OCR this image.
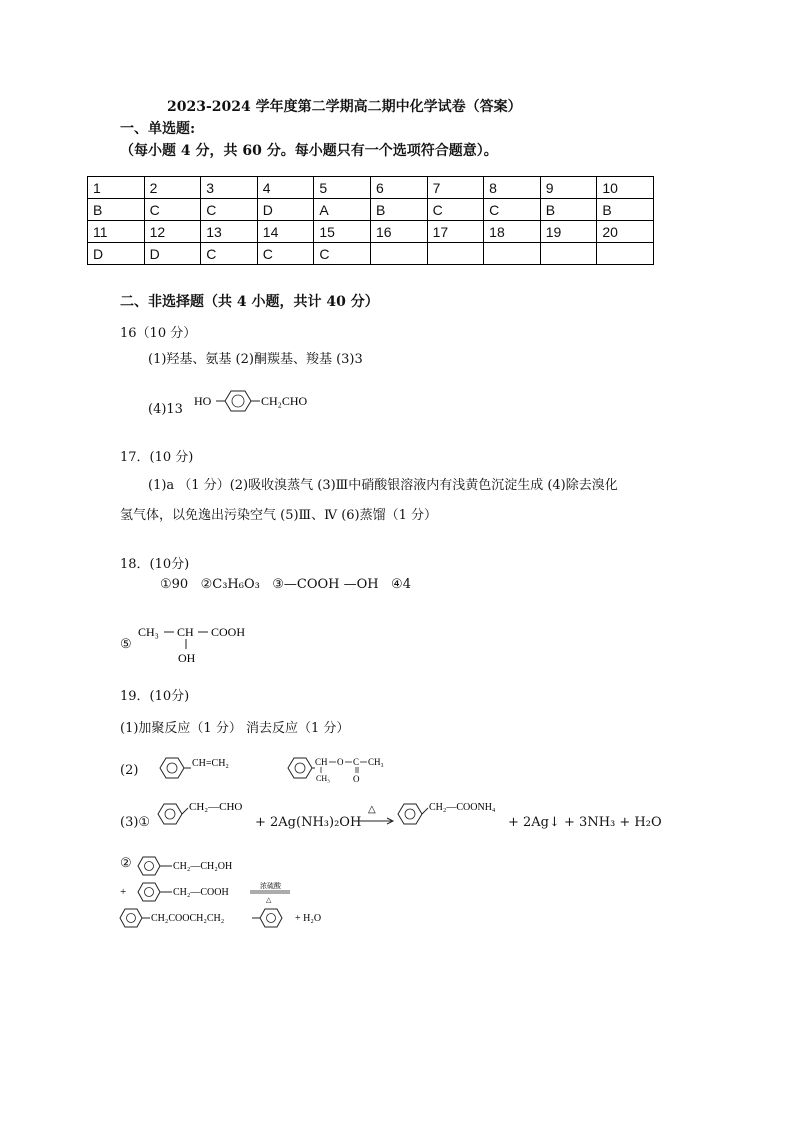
2023-2024 学年度第二学期高二期中化学试卷（答案）
一、单选题:
（每小题 4 分，共 60 分。每小题只有一个选项符合题意）。
1	2	3	4	5	6	7	8	9	10
B	C	C	D	A	B	C	C	B	B
11	12	13	14	15	16	17	18	19	20
D	D	C	C	C					
二、非选择题（共 4 小题，共计 40 分）
16（10 分）
(1)羟基、氨基 (2)酮羰基、羧基 (3)3
(4)13
HO	CH₂CHO
17．(10 分)
(1)a （1 分）(2)吸收溴蒸气 (3)Ⅲ中硝酸银溶液内有浅黄色沉淀生成 (4)除去溴化
氢气体，以免逸出污染空气 (5)Ⅲ、Ⅳ (6)蒸馏（1 分）
18．(10分)
①90 ②C₃H₆O₃ ③—COOH —OH ④4
⑤
CH₃ CH COOH
OH
19．(10分)
(1)加聚反应（1 分） 消去反应（1 分）
(2)	CH=CH₂	CH O C CH₃
CH₃	O
(3)①
CH₂—CHO
+ 2Ag(NH₃)₂OH
△	CH₂—COONH₄
+ 2Ag↓ + 3NH₃ + H₂O
②	CH₂—CH₂OH
+	CH₂—COOH
浓硫酸
△
CH₂COOCH₂CH₂	+ H₂O
